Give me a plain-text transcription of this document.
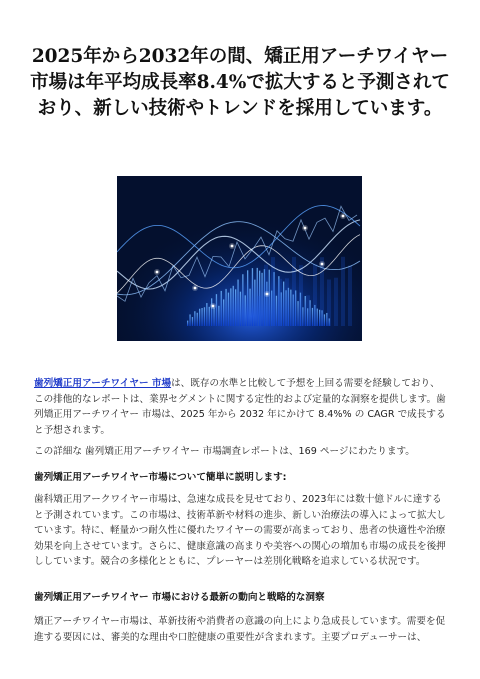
2025年から2032年の間、矯正用アーチワイヤー市場は年平均成長率8.4%で拡大すると予測されており、新しい技術やトレンドを採用しています。

歯列矯正用アーチワイヤー 市場は、既存の水準と比較して予想を上回る需要を経験しており、この排他的なレポートは、業界セグメントに関する定性的および定量的な洞察を提供します。歯列矯正用アーチワイヤー 市場は、2025 年から 2032 年にかけて 8.4%% の CAGR で成長すると予想されます。

この詳細な 歯列矯正用アーチワイヤー 市場調査レポートは、169 ページにわたります。

歯列矯正用アーチワイヤー市場について簡単に説明します:

歯科矯正用アークワイヤー市場は、急速な成長を見せており、2023年には数十億ドルに達すると予測されています。この市場は、技術革新や材料の進歩、新しい治療法の導入によって拡大しています。特に、軽量かつ耐久性に優れたワイヤーの需要が高まっており、患者の快適性や治療効果を向上させています。さらに、健康意識の高まりや美容への関心の増加も市場の成長を後押ししています。競合の多様化とともに、プレーヤーは差別化戦略を追求している状況です。

歯列矯正用アーチワイヤー 市場における最新の動向と戦略的な洞察

矯正アーチワイヤー市場は、革新技術や消費者の意識の向上により急成長しています。需要を促進する要因には、審美的な理由や口腔健康の重要性が含まれます。主要プロデューサーは、
